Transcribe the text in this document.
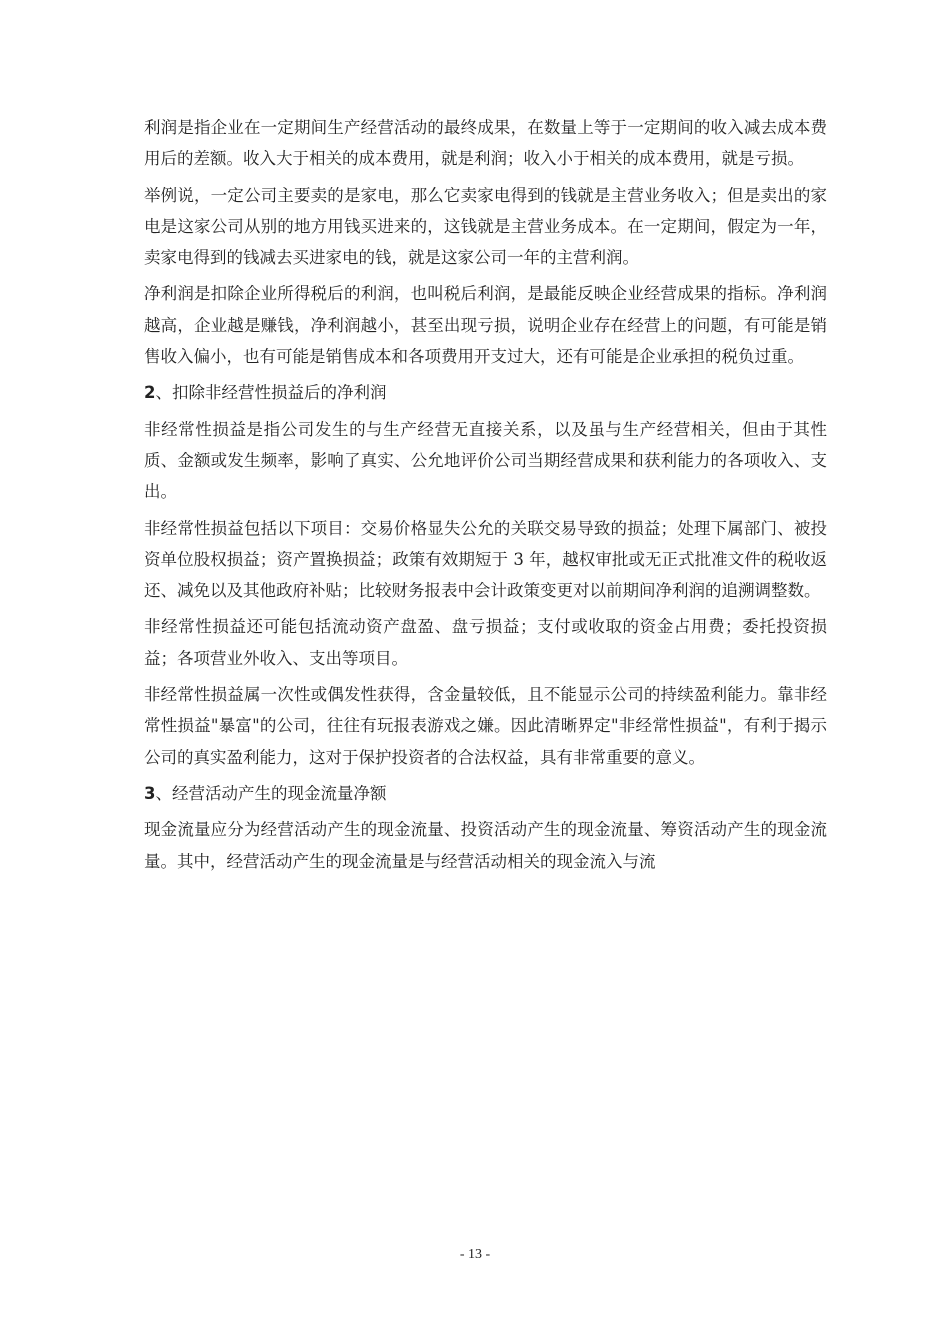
利润是指企业在一定期间生产经营活动的最终成果，在数量上等于一定期间的收入减去成本费用后的差额。收入大于相关的成本费用，就是利润；收入小于相关的成本费用，就是亏损。

举例说，一定公司主要卖的是家电，那么它卖家电得到的钱就是主营业务收入；但是卖出的家电是这家公司从别的地方用钱买进来的，这钱就是主营业务成本。在一定期间，假定为一年，卖家电得到的钱减去买进家电的钱，就是这家公司一年的主营利润。

净利润是扣除企业所得税后的利润，也叫税后利润，是最能反映企业经营成果的指标。净利润越高，企业越是赚钱，净利润越小，甚至出现亏损，说明企业存在经营上的问题，有可能是销售收入偏小，也有可能是销售成本和各项费用开支过大，还有可能是企业承担的税负过重。

2、扣除非经营性损益后的净利润

非经常性损益是指公司发生的与生产经营无直接关系，以及虽与生产经营相关，但由于其性质、金额或发生频率，影响了真实、公允地评价公司当期经营成果和获利能力的各项收入、支出。

非经常性损益包括以下项目：交易价格显失公允的关联交易导致的损益；处理下属部门、被投资单位股权损益；资产置换损益；政策有效期短于 3 年，越权审批或无正式批准文件的税收返还、减免以及其他政府补贴；比较财务报表中会计政策变更对以前期间净利润的追溯调整数。

非经常性损益还可能包括流动资产盘盈、盘亏损益；支付或收取的资金占用费；委托投资损益；各项营业外收入、支出等项目。

非经常性损益属一次性或偶发性获得，含金量较低，且不能显示公司的持续盈利能力。靠非经常性损益"暴富"的公司，往往有玩报表游戏之嫌。因此清晰界定"非经常性损益"，有利于揭示公司的真实盈利能力，这对于保护投资者的合法权益，具有非常重要的意义。

3、经营活动产生的现金流量净额

现金流量应分为经营活动产生的现金流量、投资活动产生的现金流量、筹资活动产生的现金流量。其中，经营活动产生的现金流量是与经营活动相关的现金流入与流

- 13 -
